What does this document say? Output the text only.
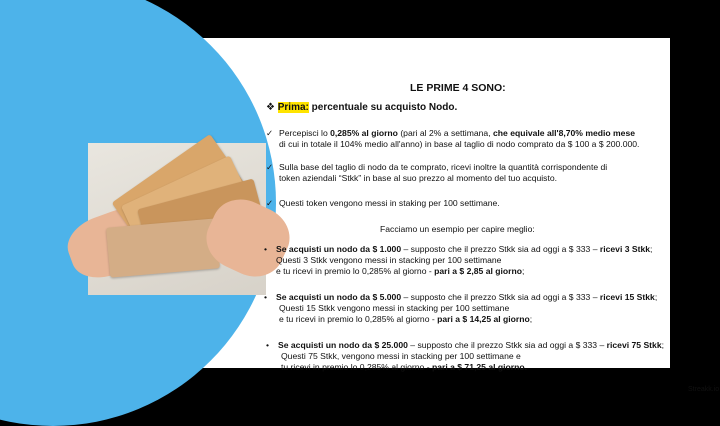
LE PRIME 4 SONO:
❖ Prima: percentuale su acquisto Nodo.
✓ Percepisci lo 0,285% al giorno (pari al 2% a settimana, che equivale all'8,70% medio mese
di cui in totale il 104% medio all'anno) in base al taglio di nodo comprato da $ 100 a $ 200.000.
✓ Sulla base del taglio di nodo da te comprato, ricevi inoltre la quantità corrispondente di
token aziendali “Stkk” in base al suo prezzo al momento del tuo acquisto.
✓ Questi token vengono messi in staking per 100 settimane.
Facciamo un esempio per capire meglio:
• Se acquisti un nodo da $ 1.000 – supposto che il prezzo Stkk sia ad oggi a $ 333 – ricevi 3 Stkk;
Questi 3 Stkk vengono messi in stacking per 100 settimane
e tu ricevi in premio lo 0,285% al giorno - pari a $ 2,85 al giorno;
• Se acquisti un nodo da $ 5.000 – supposto che il prezzo Stkk sia ad oggi a $ 333 – ricevi 15 Stkk;
Questi 15 Stkk vengono messi in stacking per 100 settimane
e tu ricevi in premio lo 0,285% al giorno - pari a $ 14,25 al giorno;
• Se acquisti un nodo da $ 25.000 – supposto che il prezzo Stkk sia ad oggi a $ 333 – ricevi 75 Stkk;
Questi 75 Stkk, vengono messi in stacking per 100 settimane e
tu ricevi in premio lo 0,285% al giorno - pari a $ 71,25 al giorno.
Streakk.io
